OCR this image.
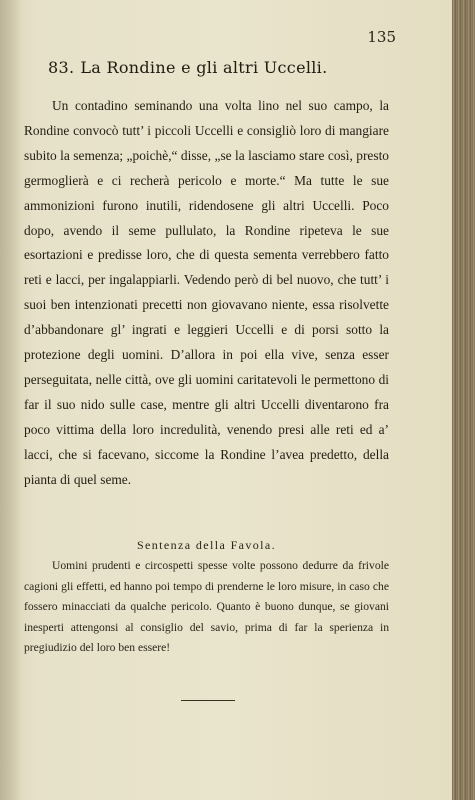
135

83. La Rondine e gli altri Uccelli.

Un contadino seminando una volta lino nel suo campo, la Rondine convocò tutt’ i piccoli Uccelli e consigliò loro di mangiare subito la semenza; „poichè,“ disse, „se la lasciamo stare così, presto germoglierà e ci recherà pericolo e morte.“ Ma tutte le sue ammonizioni furono inutili, ridendosene gli altri Uccelli. Poco dopo, avendo il seme pullulato, la Rondine ripeteva le sue esortazioni e predisse loro, che di questa sementa verrebbero fatto reti e lacci, per ingalappiarli. Vedendo però di bel nuovo, che tutt’ i suoi ben intenzionati precetti non giovavano niente, essa risolvette d’abbandonare gl’ ingrati e leggieri Uccelli e di porsi sotto la protezione degli uomini. D’allora in poi ella vive, senza esser perseguitata, nelle città, ove gli uomini caritatevoli le permettono di far il suo nido sulle case, mentre gli altri Uccelli diventarono fra poco vittima della loro incredulità, venendo presi alle reti ed a’ lacci, che si facevano, siccome la Rondine l’avea predetto, della pianta di quel seme.

Sentenza della Favola.

Uomini prudenti e circospetti spesse volte possono dedurre da frivole cagioni gli effetti, ed hanno poi tempo di prenderne le loro misure, in caso che fossero minacciati da qualche pericolo. Quanto è buono dunque, se giovani inesperti attengonsi al consiglio del savio, prima di far la sperienza in pregiudizio del loro ben essere!
